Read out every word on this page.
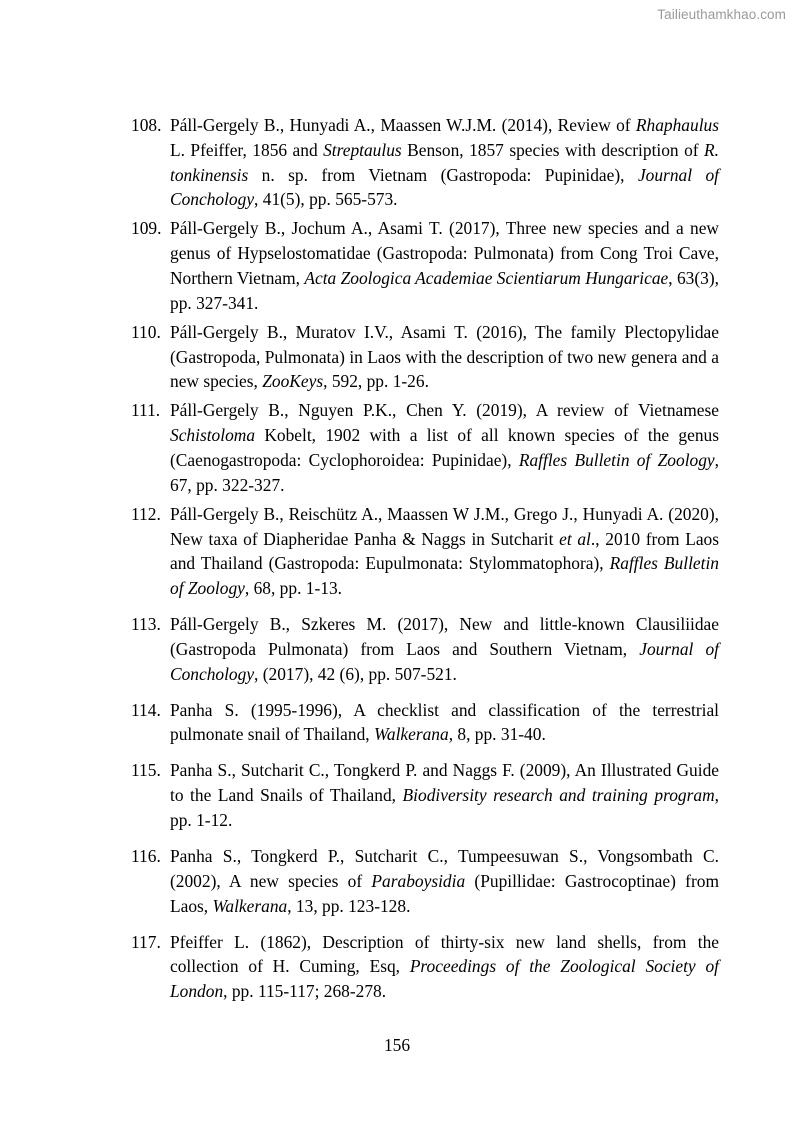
Tailieuthamkhao.com
108. Páll-Gergely B., Hunyadi A., Maassen W.J.M. (2014), Review of Rhaphaulus L. Pfeiffer, 1856 and Streptaulus Benson, 1857 species with description of R. tonkinensis n. sp. from Vietnam (Gastropoda: Pupinidae), Journal of Conchology, 41(5), pp. 565-573.
109. Páll-Gergely B., Jochum A., Asami T. (2017), Three new species and a new genus of Hypselostomatidae (Gastropoda: Pulmonata) from Cong Troi Cave, Northern Vietnam, Acta Zoologica Academiae Scientiarum Hungaricae, 63(3), pp. 327-341.
110. Páll-Gergely B., Muratov I.V., Asami T. (2016), The family Plectopylidae (Gastropoda, Pulmonata) in Laos with the description of two new genera and a new species, ZooKeys, 592, pp. 1-26.
111. Páll-Gergely B., Nguyen P.K., Chen Y. (2019), A review of Vietnamese Schistoloma Kobelt, 1902 with a list of all known species of the genus (Caenogastropoda: Cyclophoroidea: Pupinidae), Raffles Bulletin of Zoology, 67, pp. 322-327.
112. Páll-Gergely B., Reischütz A., Maassen W J.M., Grego J., Hunyadi A. (2020), New taxa of Diapheridae Panha & Naggs in Sutcharit et al., 2010 from Laos and Thailand (Gastropoda: Eupulmonata: Stylommatophora), Raffles Bulletin of Zoology, 68, pp. 1-13.
113. Páll-Gergely B., Szkeres M. (2017), New and little-known Clausiliidae (Gastropoda Pulmonata) from Laos and Southern Vietnam, Journal of Conchology, (2017), 42 (6), pp. 507-521.
114. Panha S. (1995-1996), A checklist and classification of the terrestrial pulmonate snail of Thailand, Walkerana, 8, pp. 31-40.
115. Panha S., Sutcharit C., Tongkerd P. and Naggs F. (2009), An Illustrated Guide to the Land Snails of Thailand, Biodiversity research and training program, pp. 1-12.
116. Panha S., Tongkerd P., Sutcharit C., Tumpeesuwan S., Vongsombath C. (2002), A new species of Paraboysidia (Pupillidae: Gastrocoptinae) from Laos, Walkerana, 13, pp. 123-128.
117. Pfeiffer L. (1862), Description of thirty-six new land shells, from the collection of H. Cuming, Esq, Proceedings of the Zoological Society of London, pp. 115-117; 268-278.
156
